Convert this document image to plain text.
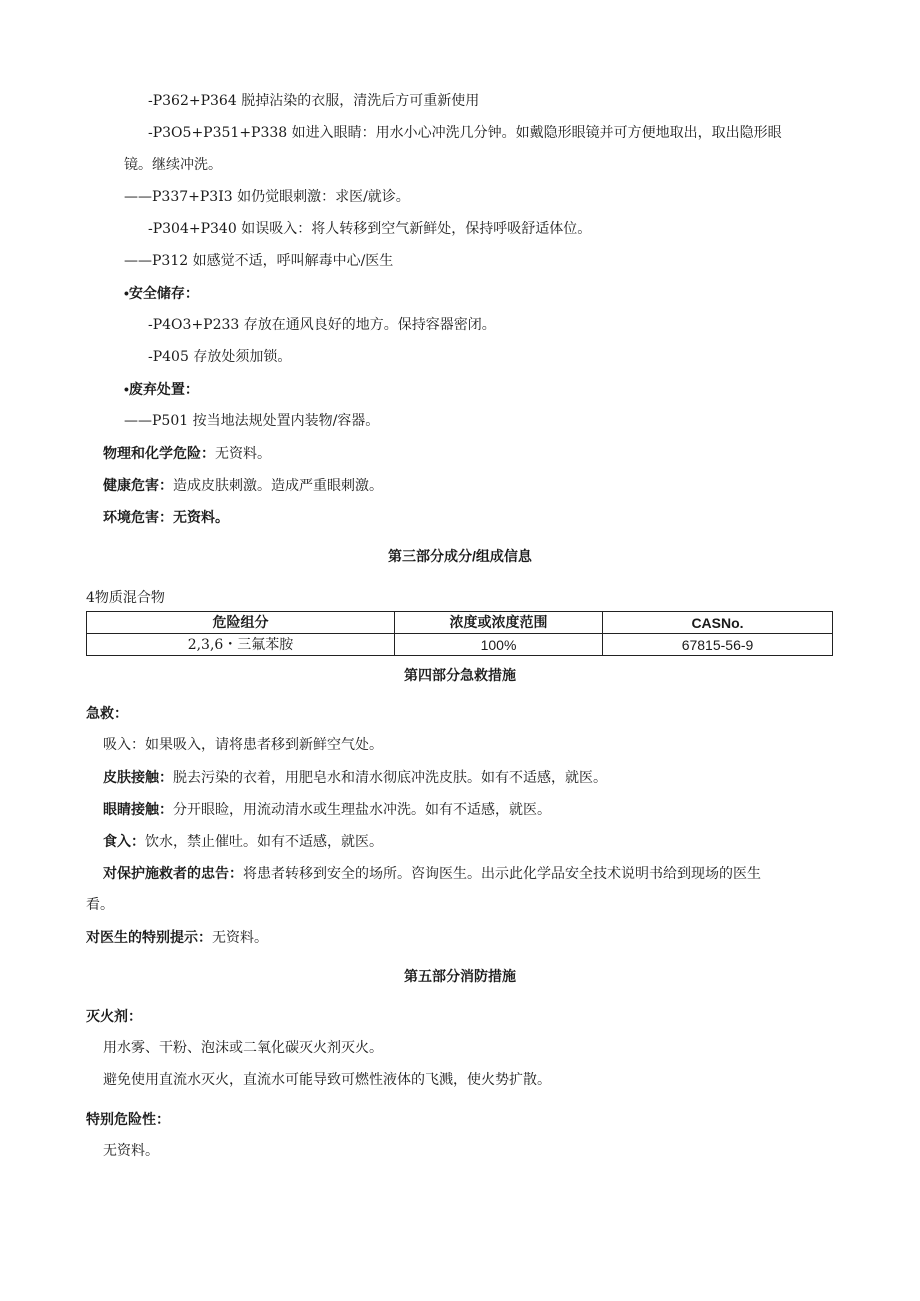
-P362+P364 脱掉沾染的衣服，清洗后方可重新使用
-P3O5+P351+P338 如进入眼睛：用水小心冲洗几分钟。如戴隐形眼镜并可方便地取出，取出隐形眼
镜。继续冲洗。
——P337+P3I3 如仍觉眼刺激：求医/就诊。
-P304+P340 如误吸入：将人转移到空气新鲜处，保持呼吸舒适体位。
——P312 如感觉不适，呼叫解毒中心/医生
•安全储存：
-P4O3+P233 存放在通风良好的地方。保持容器密闭。
-P405 存放处须加锁。
•废弃处置：
——P501 按当地法规处置内装物/容器。
物理和化学危险：无资料。
健康危害：造成皮肤刺激。造成严重眼刺激。
环境危害：无资料。
第三部分成分/组成信息
4物质混合物
危险组分	浓度或浓度范围	CASNo.
2,3,6・三氟苯胺	100%	67815-56-9
第四部分急救措施
急救：
吸入：如果吸入，请将患者移到新鲜空气处。
皮肤接触：脱去污染的衣着，用肥皂水和清水彻底冲洗皮肤。如有不适感，就医。
眼睛接触：分开眼睑，用流动清水或生理盐水冲洗。如有不适感，就医。
食入：饮水，禁止催吐。如有不适感，就医。
对保护施救者的忠告：将患者转移到安全的场所。咨询医生。出示此化学品安全技术说明书给到现场的医生
看。
对医生的特别提示：无资料。
第五部分消防措施
灭火剂：
用水雾、干粉、泡沫或二氧化碳灭火剂灭火。
避免使用直流水灭火，直流水可能导致可燃性液体的飞溅，使火势扩散。
特别危险性：
无资料。
